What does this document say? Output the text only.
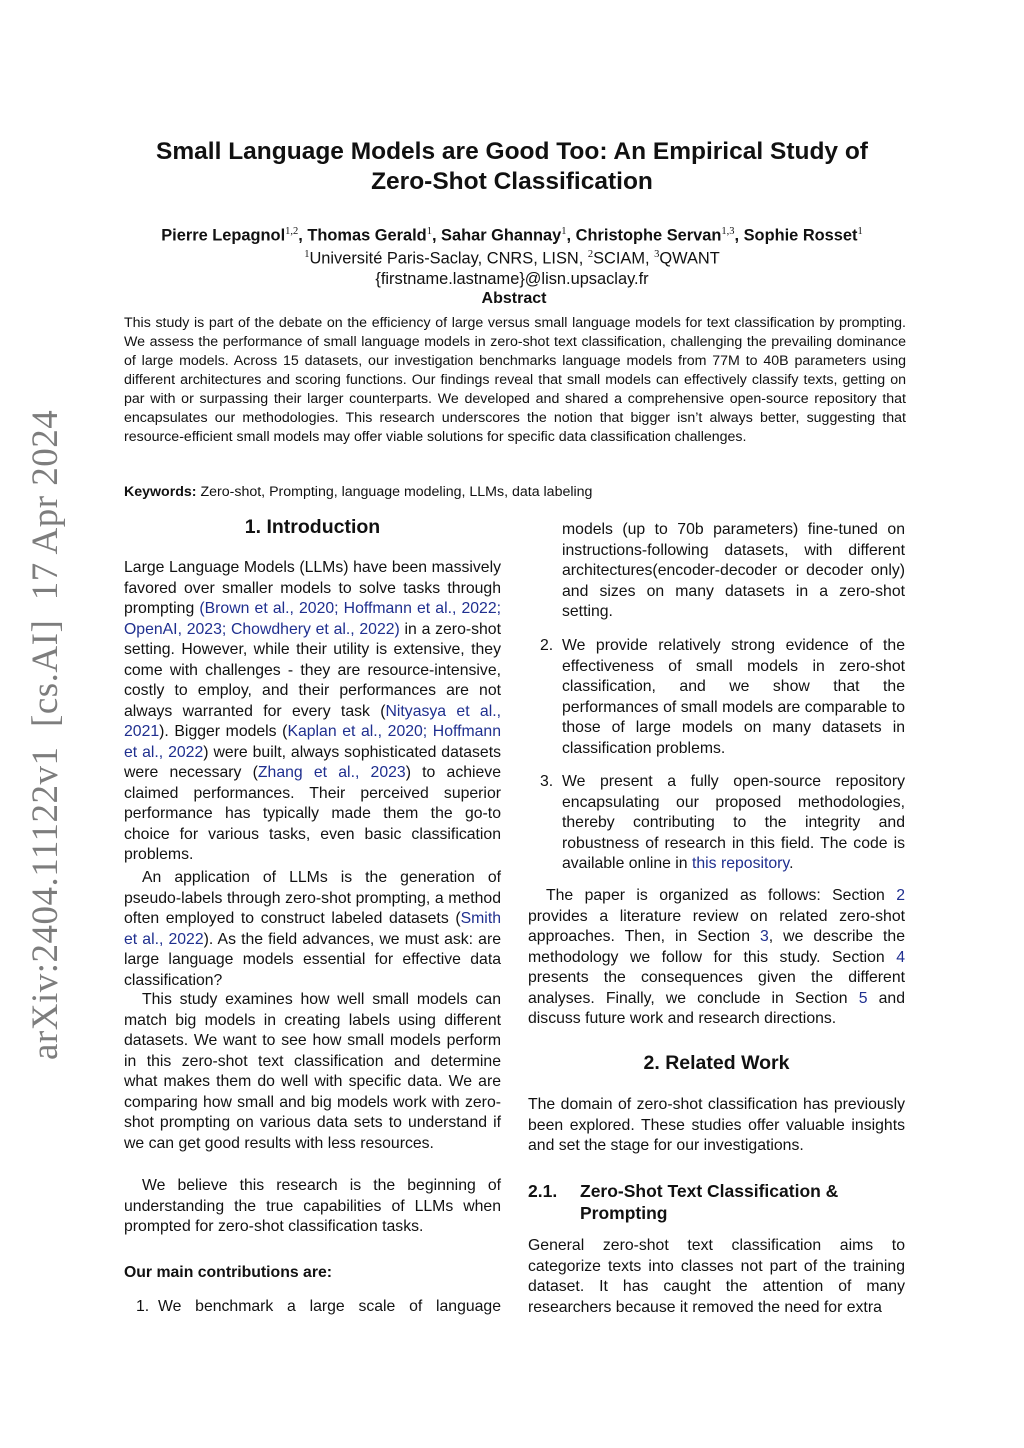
arXiv:2404.11122v1  [cs.AI]  17 Apr 2024
Small Language Models are Good Too: An Empirical Study of
Zero-Shot Classification
Pierre Lepagnol$^{1,2}$, Thomas Gerald$^1$, Sahar Ghannay$^1$, Christophe Servan$^{1,3}$, Sophie Rosset$^1$
$^1$Université Paris-Saclay, CNRS, LISN, $^2$SCIAM, $^3$QWANT
{firstname.lastname}@lisn.upsaclay.fr
Abstract
This study is part of the debate on the efficiency of large versus small language models for text classification by prompting. We assess the performance of small language models in zero-shot text classification, challenging the prevailing dominance of large models. Across 15 datasets, our investigation benchmarks language models from 77M to 40B parameters using different architectures and scoring functions. Our findings reveal that small models can effectively classify texts, getting on par with or surpassing their larger counterparts. We developed and shared a comprehensive open-source repository that encapsulates our methodologies. This research underscores the notion that bigger isn’t always better, suggesting that resource-efficient small models may offer viable solutions for specific data classification challenges.
Keywords: Zero-shot, Prompting, language modeling, LLMs, data labeling
1. Introduction

Large Language Models (LLMs) have been massively favored over smaller models to solve tasks through prompting (Brown et al., 2020; Hoffmann et al., 2022; OpenAI, 2023; Chowdhery et al., 2022) in a zero-shot setting. However, while their utility is extensive, they come with challenges - they are resource-intensive, costly to employ, and their performances are not always warranted for every task (Nityasya et al., 2021). Bigger models (Kaplan et al., 2020; Hoffmann et al., 2022) were built, always sophisticated datasets were necessary (Zhang et al., 2023) to achieve claimed performances. Their perceived superior performance has typically made them the go-to choice for various tasks, even basic classification problems.

An application of LLMs is the generation of pseudo-labels through zero-shot prompting, a method often employed to construct labeled datasets (Smith et al., 2022). As the field advances, we must ask: are large language models essential for effective data classification?

This study examines how well small models can match big models in creating labels using different datasets. We want to see how small models perform in this zero-shot text classification and determine what makes them do well with specific data. We are comparing how small and big models work with zero-shot prompting on various data sets to understand if we can get good results with less resources.

We believe this research is the beginning of understanding the true capabilities of LLMs when prompted for zero-shot classification tasks.

Our main contributions are:
1. We benchmark a large scale of language
models (up to 70b parameters) fine-tuned on instructions-following datasets, with different architectures(encoder-decoder or decoder only) and sizes on many datasets in a zero-shot setting.
2. We provide relatively strong evidence of the effectiveness of small models in zero-shot classification, and we show that the performances of small models are comparable to those of large models on many datasets in classification problems.
3. We present a fully open-source repository encapsulating our proposed methodologies, thereby contributing to the integrity and robustness of research in this field. The code is available online in this repository.

The paper is organized as follows: Section 2 provides a literature review on related zero-shot approaches. Then, in Section 3, we describe the methodology we follow for this study. Section 4 presents the consequences given the different analyses. Finally, we conclude in Section 5 and discuss future work and research directions.

2. Related Work

The domain of zero-shot classification has previously been explored. These studies offer valuable insights and set the stage for our investigations.

2.1. Zero-Shot Text Classification & Prompting

General zero-shot text classification aims to categorize texts into classes not part of the training dataset. It has caught the attention of many researchers because it removed the need for extra
